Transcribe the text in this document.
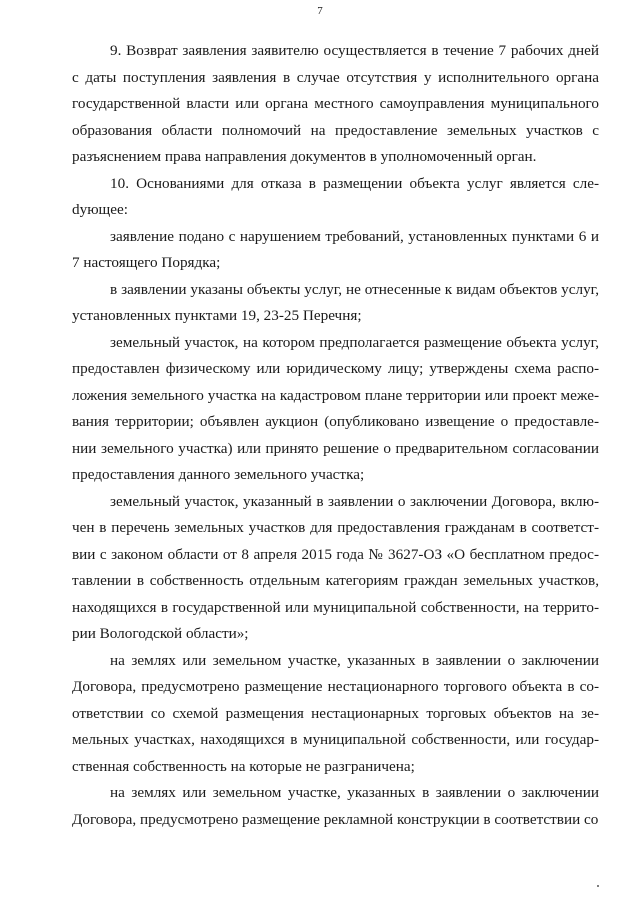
7

9. Возврат заявления заявителю осуществляется в течение 7 рабочих дней с даты поступления заявления в случае отсутствия у исполнительного органа государственной власти или органа местного самоуправления муниципального образования области полномочий на предоставление земельных участков с разъяснением права направления документов в уполномоченный орган.

10. Основаниями для отказа в размещении объекта услуг является слеdующее:

заявление подано с нарушением требований, установленных пунктами 6 и 7 настоящего Порядка;

в заявлении указаны объекты услуг, не отнесенные к видам объектов услуг, установленных пунктами 19, 23-25 Перечня;

земельный участок, на котором предполагается размещение объекта услуг, предоставлен физическому или юридическому лицу; утверждены схема расположения земельного участка на кадастровом плане территории или проект межевания территории; объявлен аукцион (опубликовано извещение о предоставлении земельного участка) или принято решение о предварительном согласовании предоставления данного земельного участка;

земельный участок, указанный в заявлении о заключении Договора, включен в перечень земельных участков для предоставления гражданам в соответствии с законом области от 8 апреля 2015 года № 3627-ОЗ «О бесплатном предоставлении в собственность отдельным категориям граждан земельных участков, находящихся в государственной или муниципальной собственности, на территории Вологодской области»;

на землях или земельном участке, указанных в заявлении о заключении Договора, предусмотрено размещение нестационарного торгового объекта в соответствии со схемой размещения нестационарных торговых объектов на земельных участках, находящихся в муниципальной собственности, или государственная собственность на которые не разграничена;

на землях или земельном участке, указанных в заявлении о заключении Договора, предусмотрено размещение рекламной конструкции в соответствии со
